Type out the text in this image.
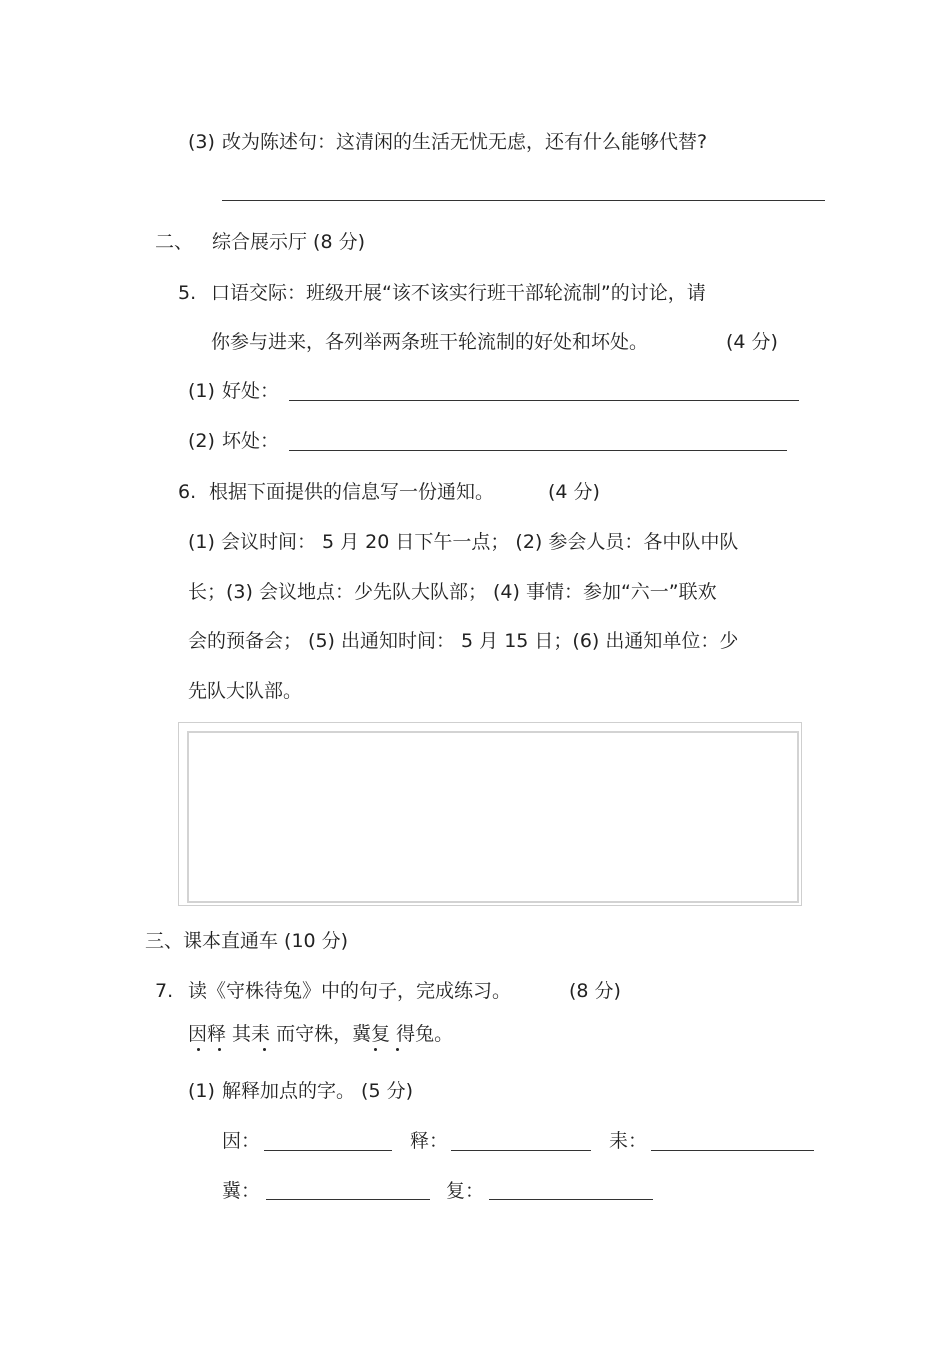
(3) 改为陈述句：这清闲的生活无忧无虑，还有什么能够代替?
二、 综合展示厅 (8 分)
5. 口语交际：班级开展“该不该实行班干部轮流制”的讨论，请
你参与进来，各列举两条班干轮流制的好处和坏处。	(4 分)
(1) 好处：
(2) 坏处：
6. 根据下面提供的信息写一份通知。	(4 分)
(1) 会议时间： 5 月 20 日下午一点； (2) 参会人员：各中队中队
长；(3) 会议地点：少先队大队部； (4) 事情：参加“六一”联欢
会的预备会； (5) 出通知时间： 5 月 15 日；(6) 出通知单位：少
先队大队部。
三、课本直通车 (10 分)
7. 读《守株待兔》中的句子，完成练习。	(8 分)
因释 其耒 而守株，冀复 得兔。
(1) 解释加点的字。 (5 分)
因：	释：	耒：
冀：	复：
